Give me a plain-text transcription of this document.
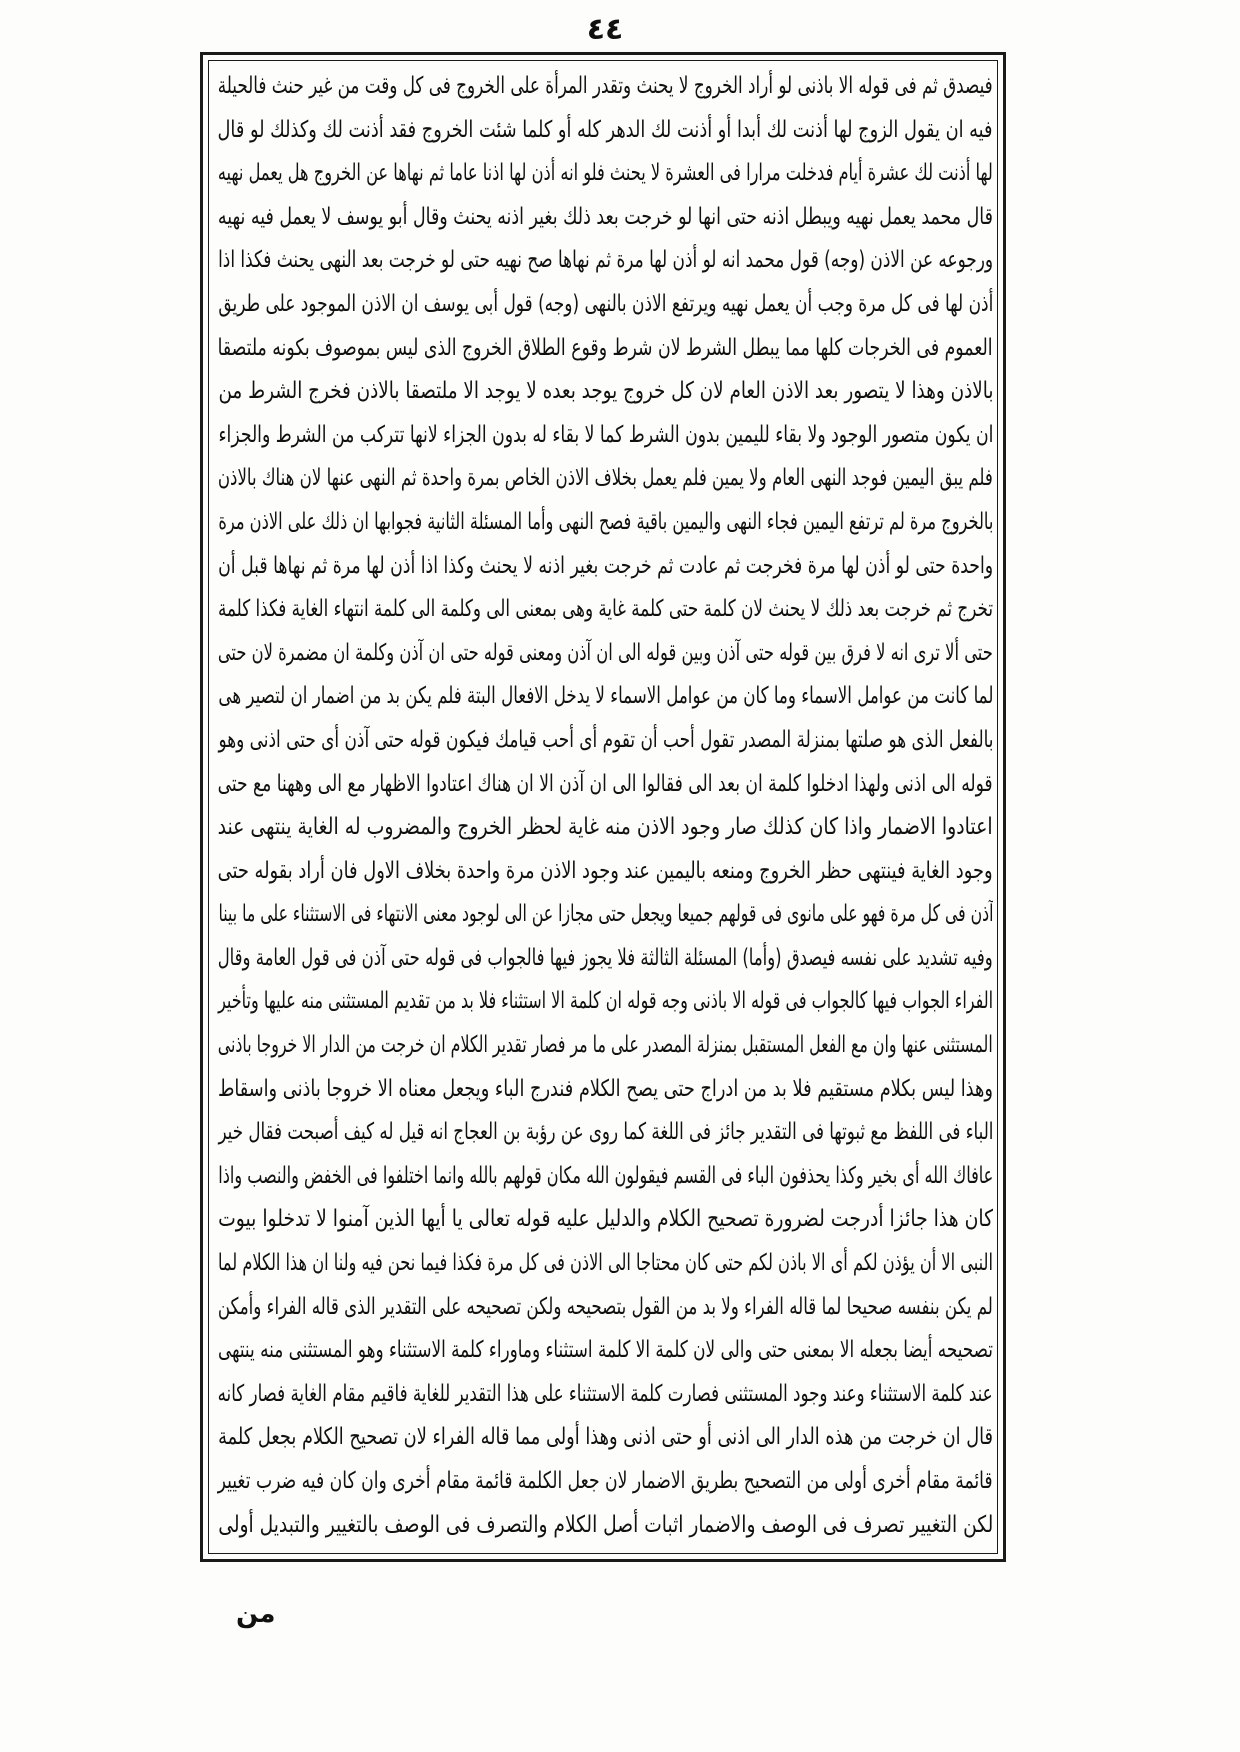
٤٤
فيصدق ثم فى قوله الا باذنى لو أراد الخروج لا يحنث وتقدر المرأة على الخروج فى كل وقت من غير حنث فالحيلة
فيه ان يقول الزوج لها أذنت لك أبدا أو أذنت لك الدهر كله أو كلما شئت الخروج فقد أذنت لك وكذلك لو قال
لها أذنت لك عشرة أيام فدخلت مرارا فى العشرة لا يحنث فلو انه أذن لها اذنا عاما ثم نهاها عن الخروج هل يعمل نهيه
قال محمد يعمل نهيه ويبطل اذنه حتى انها لو خرجت بعد ذلك بغير اذنه يحنث وقال أبو يوسف لا يعمل فيه نهيه
ورجوعه عن الاذن (وجه) قول محمد انه لو أذن لها مرة ثم نهاها صح نهيه حتى لو خرجت بعد النهى يحنث فكذا اذا
أذن لها فى كل مرة وجب أن يعمل نهيه ويرتفع الاذن بالنهى (وجه) قول أبى يوسف ان الاذن الموجود على طريق
العموم فى الخرجات كلها مما يبطل الشرط لان شرط وقوع الطلاق الخروج الذى ليس بموصوف بكونه ملتصقا
بالاذن وهذا لا يتصور بعد الاذن العام لان كل خروج يوجد بعده لا يوجد الا ملتصقا بالاذن فخرج الشرط من
ان يكون متصور الوجود ولا بقاء لليمين بدون الشرط كما لا بقاء له بدون الجزاء لانها تتركب من الشرط والجزاء
فلم يبق اليمين فوجد النهى العام ولا يمين فلم يعمل بخلاف الاذن الخاص بمرة واحدة ثم النهى عنها لان هناك بالاذن
بالخروج مرة لم ترتفع اليمين فجاء النهى واليمين باقية فصح النهى وأما المسئلة الثانية فجوابها ان ذلك على الاذن مرة
واحدة حتى لو أذن لها مرة فخرجت ثم عادت ثم خرجت بغير اذنه لا يحنث وكذا اذا أذن لها مرة ثم نهاها قبل أن
تخرج ثم خرجت بعد ذلك لا يحنث لان كلمة حتى كلمة غاية وهى بمعنى الى وكلمة الى كلمة انتهاء الغاية فكذا كلمة
حتى ألا ترى انه لا فرق بين قوله حتى آذن وبين قوله الى ان آذن ومعنى قوله حتى ان آذن وكلمة ان مضمرة لان حتى
لما كانت من عوامل الاسماء وما كان من عوامل الاسماء لا يدخل الافعال البتة فلم يكن بد من اضمار ان لتصير هى
بالفعل الذى هو صلتها بمنزلة المصدر تقول أحب أن تقوم أى أحب قيامك فيكون قوله حتى آذن أى حتى اذنى وهو
قوله الى اذنى ولهذا ادخلوا كلمة ان بعد الى فقالوا الى ان آذن الا ان هناك اعتادوا الاظهار مع الى وههنا مع حتى
اعتادوا الاضمار واذا كان كذلك صار وجود الاذن منه غاية لحظر الخروج والمضروب له الغاية ينتهى عند
وجود الغاية فينتهى حظر الخروج ومنعه باليمين عند وجود الاذن مرة واحدة بخلاف الاول فان أراد بقوله حتى
آذن فى كل مرة فهو على مانوى فى قولهم جميعا ويجعل حتى مجازا عن الى لوجود معنى الانتهاء فى الاستثناء على ما بينا
وفيه تشديد على نفسه فيصدق (وأما) المسئلة الثالثة فلا يجوز فيها فالجواب فى قوله حتى آذن فى قول العامة وقال
الفراء الجواب فيها كالجواب فى قوله الا باذنى وجه قوله ان كلمة الا استثناء فلا بد من تقديم المستثنى منه عليها وتأخير
المستثنى عنها وان مع الفعل المستقبل بمنزلة المصدر على ما مر فصار تقدير الكلام ان خرجت من الدار الا خروجا باذنى
وهذا ليس بكلام مستقيم فلا بد من ادراج حتى يصح الكلام فندرج الباء ويجعل معناه الا خروجا باذنى واسقاط
الباء فى اللفظ مع ثبوتها فى التقدير جائز فى اللغة كما روى عن رؤبة بن العجاج انه قيل له كيف أصبحت فقال خير
عافاك الله أى بخير وكذا يحذفون الباء فى القسم فيقولون الله مكان قولهم بالله وانما اختلفوا فى الخفض والنصب واذا
كان هذا جائزا أدرجت لضرورة تصحيح الكلام والدليل عليه قوله تعالى يا أيها الذين آمنوا لا تدخلوا بيوت
النبى الا أن يؤذن لكم أى الا باذن لكم حتى كان محتاجا الى الاذن فى كل مرة فكذا فيما نحن فيه ولنا ان هذا الكلام لما
لم يكن بنفسه صحيحا لما قاله الفراء ولا بد من القول بتصحيحه ولكن تصحيحه على التقدير الذى قاله الفراء وأمكن
تصحيحه أيضا بجعله الا بمعنى حتى والى لان كلمة الا كلمة استثناء وماوراء كلمة الاستثناء وهو المستثنى منه ينتهى
عند كلمة الاستثناء وعند وجود المستثنى فصارت كلمة الاستثناء على هذا التقدير للغاية فاقيم مقام الغاية فصار كانه
قال ان خرجت من هذه الدار الى اذنى أو حتى اذنى وهذا أولى مما قاله الفراء لان تصحيح الكلام بجعل كلمة
قائمة مقام أخرى أولى من التصحيح بطريق الاضمار لان جعل الكلمة قائمة مقام أخرى وان كان فيه ضرب تغيير
لكن التغيير تصرف فى الوصف والاضمار اثبات أصل الكلام والتصرف فى الوصف بالتغيير والتبديل أولى
من
